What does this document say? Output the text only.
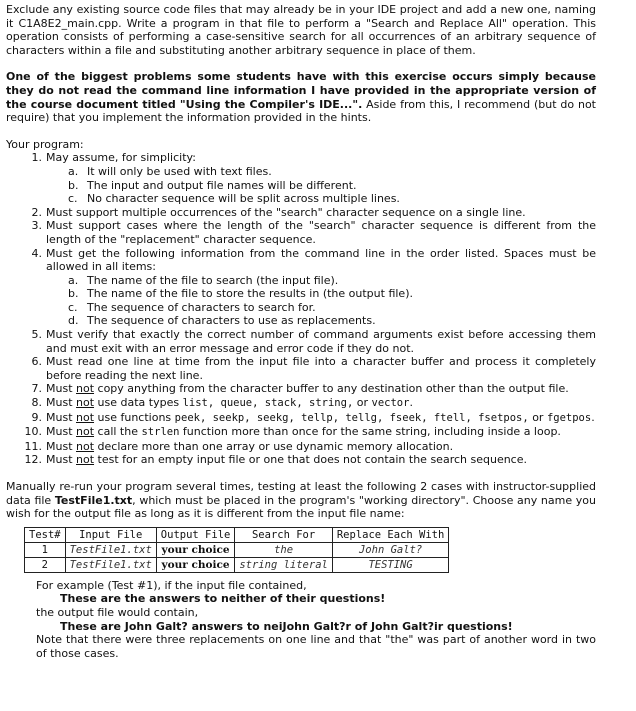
Exclude any existing source code files that may already be in your IDE project and add a new one, naming it C1A8E2_main.cpp. Write a program in that file to perform a "Search and Replace All" operation. This operation consists of performing a case-sensitive search for all occurrences of an arbitrary sequence of characters within a file and substituting another arbitrary sequence in place of them.

One of the biggest problems some students have with this exercise occurs simply because they do not read the command line information I have provided in the appropriate version of the course document titled "Using the Compiler's IDE...". Aside from this, I recommend (but do not require) that you implement the information provided in the hints.

Your program:

1. May assume, for simplicity:
a. It will only be used with text files.
b. The input and output file names will be different.
c. No character sequence will be split across multiple lines.
2. Must support multiple occurrences of the "search" character sequence on a single line.
3. Must support cases where the length of the "search" character sequence is different from the length of the "replacement" character sequence.
4. Must get the following information from the command line in the order listed. Spaces must be allowed in all items:
a. The name of the file to search (the input file).
b. The name of the file to store the results in (the output file).
c. The sequence of characters to search for.
d. The sequence of characters to use as replacements.
5. Must verify that exactly the correct number of command arguments exist before accessing them and must exit with an error message and error code if they do not.
6. Must read one line at time from the input file into a character buffer and process it completely before reading the next line.
7. Must not copy anything from the character buffer to any destination other than the output file.
8. Must not use data types list, queue, stack, string, or vector.
9. Must not use functions peek, seekp, seekg, tellp, tellg, fseek, ftell, fsetpos, or fgetpos.
10. Must not call the strlen function more than once for the same string, including inside a loop.
11. Must not declare more than one array or use dynamic memory allocation.
12. Must not test for an empty input file or one that does not contain the search sequence.

Manually re-run your program several times, testing at least the following 2 cases with instructor-supplied data file TestFile1.txt, which must be placed in the program's "working directory". Choose any name you wish for the output file as long as it is different from the input file name:

Test#	Input File	Output File	Search For	Replace Each With
1	TestFile1.txt	your choice	the	John Galt?
2	TestFile1.txt	your choice	string literal	TESTING

For example (Test #1), if the input file contained,

These are the answers to neither of their questions!

the output file would contain,

These are John Galt? answers to neiJohn Galt?r of John Galt?ir questions!

Note that there were three replacements on one line and that "the" was part of another word in two of those cases.
